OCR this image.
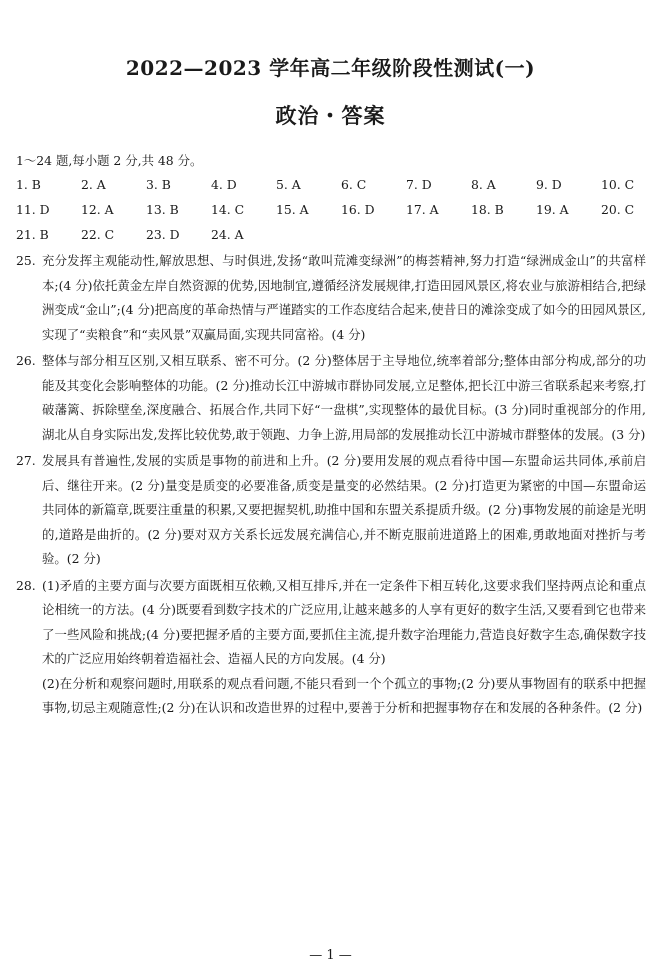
2022—2023 学年高二年级阶段性测试(一)
政治・答案
1～24 题,每小题 2 分,共 48 分。
1. B	2. A	3. B	4. D	5. A	6. C	7. D	8. A	9. D	10. C
11. D	12. A	13. B	14. C	15. A	16. D	17. A	18. B	19. A	20. C
21. B	22. C	23. D	24. A
25. 充分发挥主观能动性,解放思想、与时俱进,发扬“敢叫荒滩变绿洲”的梅荟精神,努力打造“绿洲成金山”的共富样本;(4 分)依托黄金左岸自然资源的优势,因地制宜,遵循经济发展规律,打造田园风景区,将农业与旅游相结合,把绿洲变成“金山”;(4 分)把高度的革命热情与严谨踏实的工作态度结合起来,使昔日的滩涂变成了如今的田园风景区,实现了“卖粮食”和“卖风景”双赢局面,实现共同富裕。(4 分)
26. 整体与部分相互区别,又相互联系、密不可分。(2 分)整体居于主导地位,统率着部分;整体由部分构成,部分的功能及其变化会影响整体的功能。(2 分)推动长江中游城市群协同发展,立足整体,把长江中游三省联系起来考察,打破藩篱、拆除壁垒,深度融合、拓展合作,共同下好“一盘棋”,实现整体的最优目标。(3 分)同时重视部分的作用,湖北从自身实际出发,发挥比较优势,敢于领跑、力争上游,用局部的发展推动长江中游城市群整体的发展。(3 分)
27. 发展具有普遍性,发展的实质是事物的前进和上升。(2 分)要用发展的观点看待中国—东盟命运共同体,承前启后、继往开来。(2 分)量变是质变的必要准备,质变是量变的必然结果。(2 分)打造更为紧密的中国—东盟命运共同体的新篇章,既要注重量的积累,又要把握契机,助推中国和东盟关系提质升级。(2 分)事物发展的前途是光明的,道路是曲折的。(2 分)要对双方关系长远发展充满信心,并不断克服前进道路上的困难,勇敢地面对挫折与考验。(2 分)
28. (1)矛盾的主要方面与次要方面既相互依赖,又相互排斥,并在一定条件下相互转化,这要求我们坚持两点论和重点论相统一的方法。(4 分)既要看到数字技术的广泛应用,让越来越多的人享有更好的数字生活,又要看到它也带来了一些风险和挑战;(4 分)要把握矛盾的主要方面,要抓住主流,提升数字治理能力,营造良好数字生态,确保数字技术的广泛应用始终朝着造福社会、造福人民的方向发展。(4 分)
(2)在分析和观察问题时,用联系的观点看问题,不能只看到一个个孤立的事物;(2 分)要从事物固有的联系中把握事物,切忌主观随意性;(2 分)在认识和改造世界的过程中,要善于分析和把握事物存在和发展的各种条件。(2 分)
— 1 —
